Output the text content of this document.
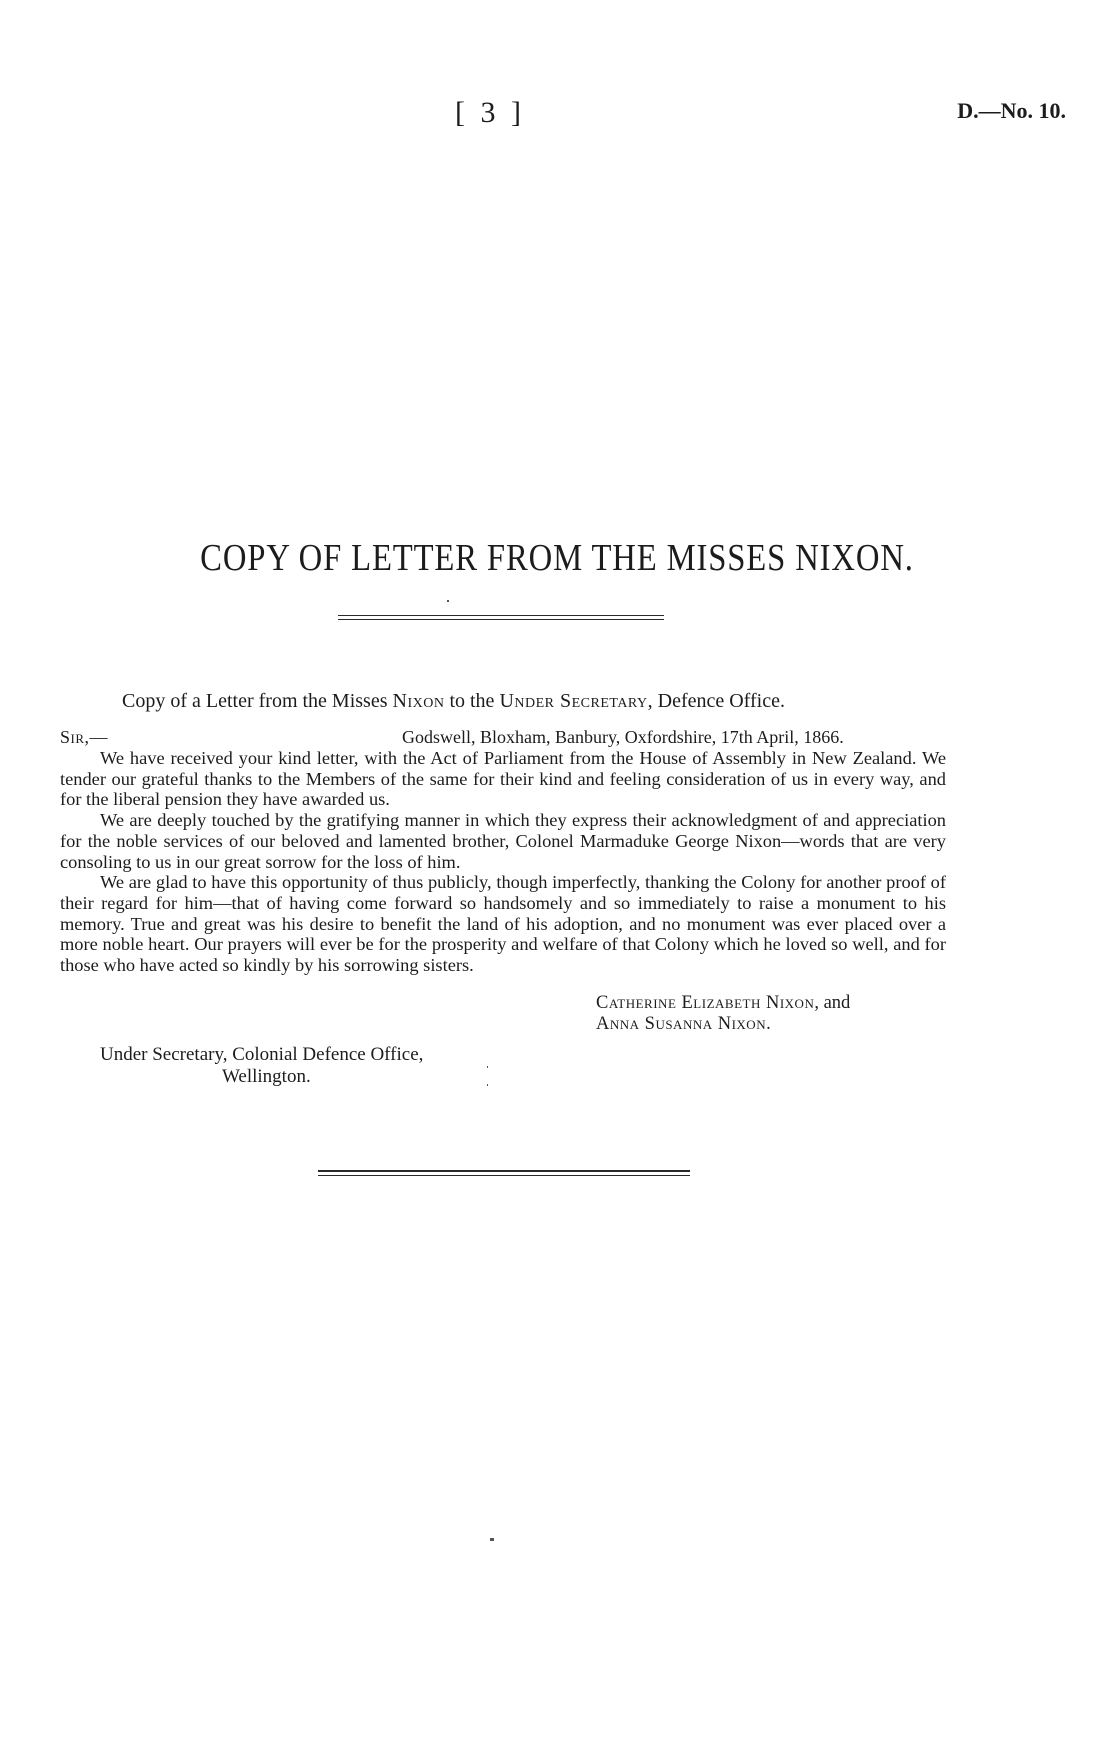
[ 3 ]	D.—No. 10.
COPY OF LETTER FROM THE MISSES NIXON.
Copy of a Letter from the Misses Nixon to the Under Secretary, Defence Office.
Sir,—	Godswell, Bloxham, Banbury, Oxfordshire, 17th April, 1866.

We have received your kind letter, with the Act of Parliament from the House of Assembly in New Zealand. We tender our grateful thanks to the Members of the same for their kind and feeling consideration of us in every way, and for the liberal pension they have awarded us.

We are deeply touched by the gratifying manner in which they express their acknowledgment of and appreciation for the noble services of our beloved and lamented brother, Colonel Marmaduke George Nixon—words that are very consoling to us in our great sorrow for the loss of him.

We are glad to have this opportunity of thus publicly, though imperfectly, thanking the Colony for another proof of their regard for him—that of having come forward so handsomely and so immediately to raise a monument to his memory. True and great was his desire to benefit the land of his adoption, and no monument was ever placed over a more noble heart. Our prayers will ever be for the prosperity and welfare of that Colony which he loved so well, and for those who have acted so kindly by his sorrowing sisters.

Catherine Elizabeth Nixon, and
Anna Susanna Nixon.
Under Secretary, Colonial Defence Office,
Wellington.
